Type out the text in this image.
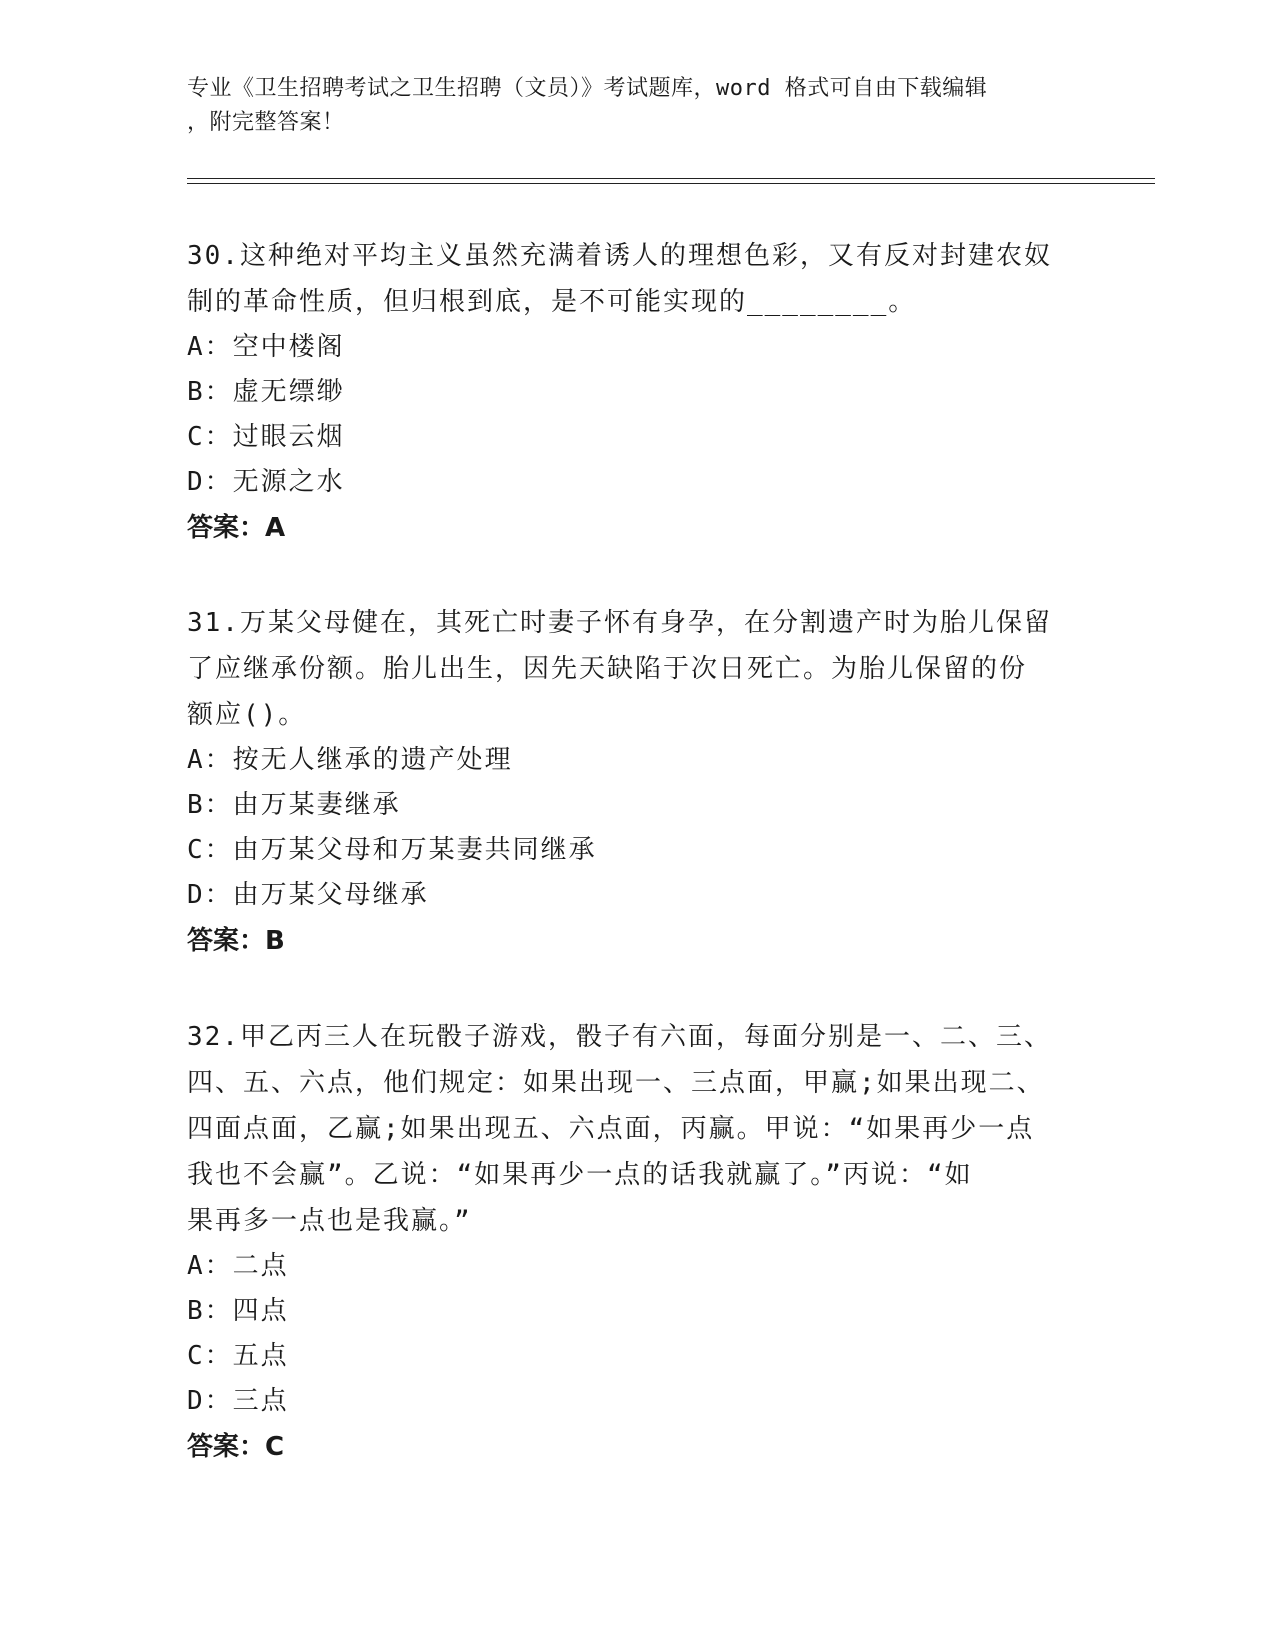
专业《卫生招聘考试之卫生招聘（文员）》考试题库，word 格式可自由下载编辑
，附完整答案！

30.这种绝对平均主义虽然充满着诱人的理想色彩，又有反对封建农奴

制的革命性质，但归根到底，是不可能实现的________。

A：空中楼阁

B：虚无缥缈

C：过眼云烟

D：无源之水

答案：A

31.万某父母健在，其死亡时妻子怀有身孕，在分割遗产时为胎儿保留

了应继承份额。胎儿出生，因先天缺陷于次日死亡。为胎儿保留的份

额应()。

A：按无人继承的遗产处理

B：由万某妻继承

C：由万某父母和万某妻共同继承

D：由万某父母继承

答案：B

32.甲乙丙三人在玩骰子游戏，骰子有六面，每面分别是一、二、三、

四、五、六点，他们规定：如果出现一、三点面，甲赢;如果出现二、

四面点面，乙赢;如果出现五、六点面，丙赢。甲说：“如果再少一点

我也不会赢”。乙说：“如果再少一点的话我就赢了。”丙说：“如

果再多一点也是我赢。”

A：二点

B：四点

C：五点

D：三点

答案：C
